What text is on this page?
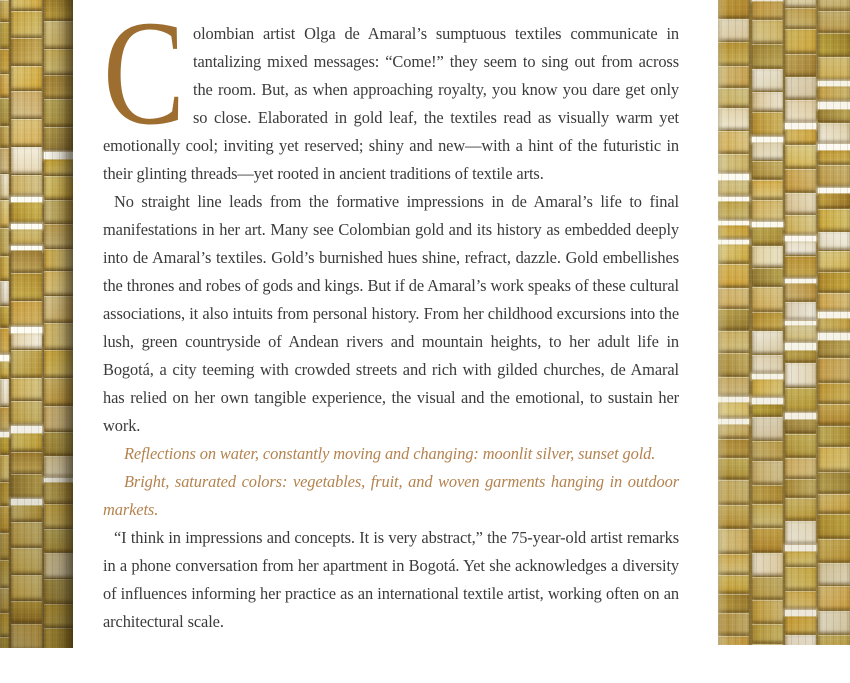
Colombian artist Olga de Amaral’s sumptuous textiles communicate in tantalizing mixed messages: “Come!” they seem to sing out from across the room. But, as when approaching royalty, you know you dare get only so close. Elaborated in gold leaf, the textiles read as visually warm yet emotionally cool; inviting yet reserved; shiny and new—with a hint of the futuristic in their glinting threads—yet rooted in ancient traditions of textile arts.

No straight line leads from the formative impressions in de Amaral’s life to final manifestations in her art. Many see Colombian gold and its history as embedded deeply into de Amaral’s textiles. Gold’s burnished hues shine, refract, dazzle. Gold embellishes the thrones and robes of gods and kings. But if de Amaral’s work speaks of these cultural associations, it also intuits from personal history. From her childhood excursions into the lush, green countryside of Andean rivers and mountain heights, to her adult life in Bogotá, a city teeming with crowded streets and rich with gilded churches, de Amaral has relied on her own tangible experience, the visual and the emotional, to sustain her work.

Reflections on water, constantly moving and changing: moonlit silver, sunset gold.

Bright, saturated colors: vegetables, fruit, and woven garments hanging in outdoor markets.

“I think in impressions and concepts. It is very abstract,” the 75-year-old artist remarks in a phone conversation from her apartment in Bogotá. Yet she acknowledges a diversity of influences informing her practice as an international textile artist, working often on an architectural scale.
